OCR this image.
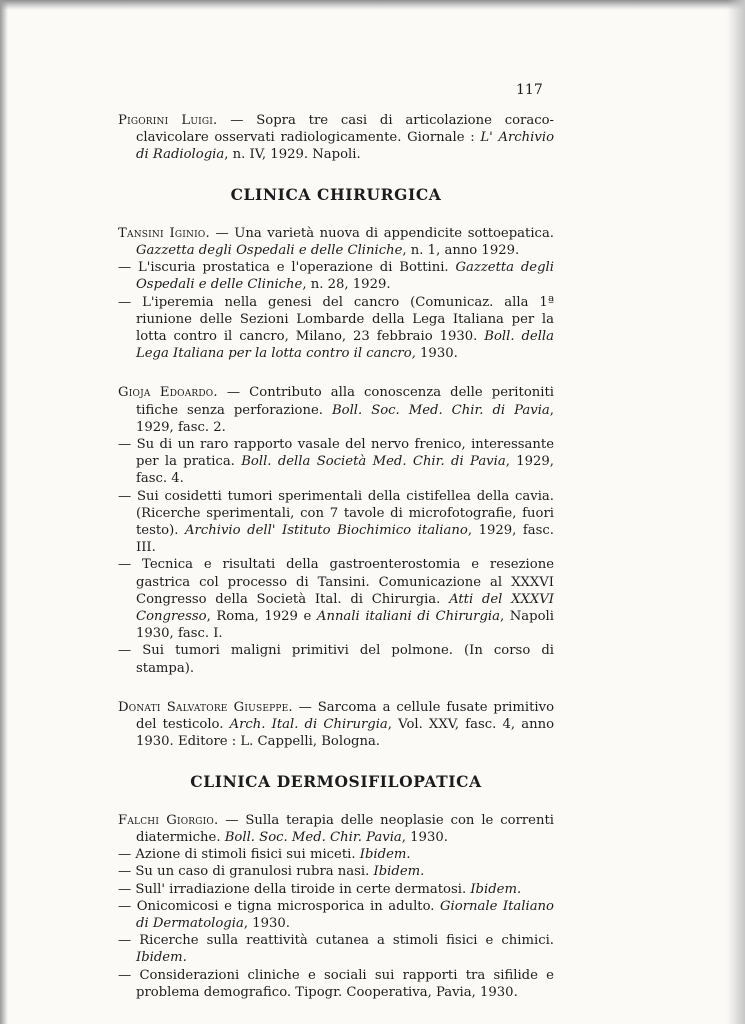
117

Pigorini Luigi. — Sopra tre casi di articolazione coraco-clavicolare osservati radiologicamente. Giornale : L' Archivio di Radiologia, n. IV, 1929. Napoli.

CLINICA CHIRURGICA

Tansini Iginio. — Una varietà nuova di appendicite sottoepatica. Gazzetta degli Ospedali e delle Cliniche, n. 1, anno 1929.

— L'iscuria prostatica e l'operazione di Bottini. Gazzetta degli Ospedali e delle Cliniche, n. 28, 1929.

— L'iperemia nella genesi del cancro (Comunicaz. alla 1ª riunione delle Sezioni Lombarde della Lega Italiana per la lotta contro il cancro, Milano, 23 febbraio 1930. Boll. della Lega Italiana per la lotta contro il cancro, 1930.

Gioja Edoardo. — Contributo alla conoscenza delle peritoniti tifiche senza perforazione. Boll. Soc. Med. Chir. di Pavia, 1929, fasc. 2.

— Su di un raro rapporto vasale del nervo frenico, interessante per la pratica. Boll. della Società Med. Chir. di Pavia, 1929, fasc. 4.

— Sui cosidetti tumori sperimentali della cistifellea della cavia. (Ricerche sperimentali, con 7 tavole di microfotografie, fuori testo). Archivio dell' Istituto Biochimico italiano, 1929, fasc. III.

— Tecnica e risultati della gastroenterostomia e resezione gastrica col processo di Tansini. Comunicazione al XXXVI Congresso della Società Ital. di Chirurgia. Atti del XXXVI Congresso, Roma, 1929 e Annali italiani di Chirurgia, Napoli 1930, fasc. I.

— Sui tumori maligni primitivi del polmone. (In corso di stampa).

Donati Salvatore Giuseppe. — Sarcoma a cellule fusate primitivo del testicolo. Arch. Ital. di Chirurgia, Vol. XXV, fasc. 4, anno 1930. Editore : L. Cappelli, Bologna.

CLINICA DERMOSIFILOPATICA

Falchi Giorgio. — Sulla terapia delle neoplasie con le correnti diatermiche. Boll. Soc. Med. Chir. Pavia, 1930.

— Azione di stimoli fisici sui miceti. Ibidem.

— Su un caso di granulosi rubra nasi. Ibidem.

— Sull' irradiazione della tiroide in certe dermatosi. Ibidem.

— Onicomicosi e tigna microsporica in adulto. Giornale Italiano di Dermatologia, 1930.

— Ricerche sulla reattività cutanea a stimoli fisici e chimici. Ibidem.

— Considerazioni cliniche e sociali sui rapporti tra sifilide e problema demografico. Tipogr. Cooperativa, Pavia, 1930.
